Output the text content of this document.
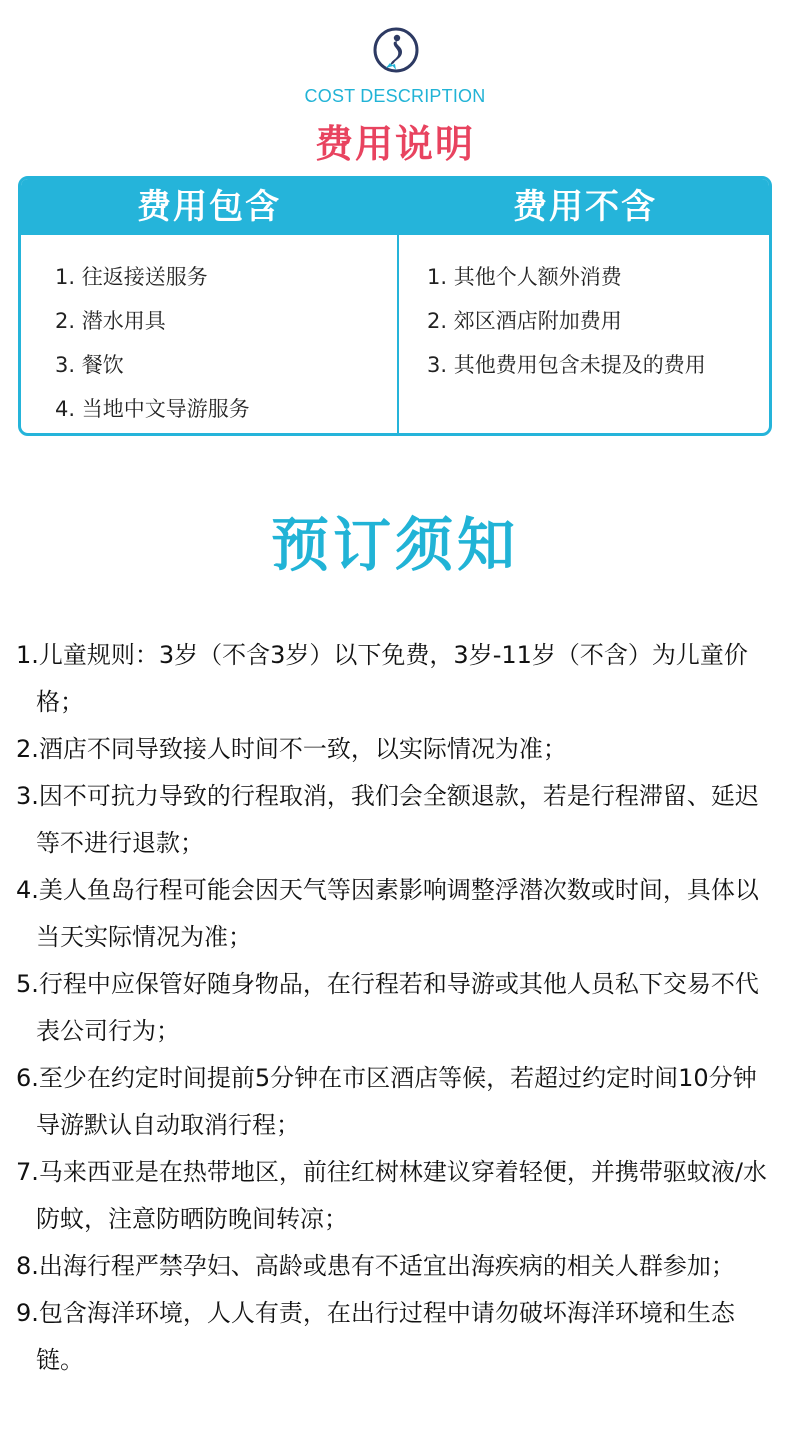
COST DESCRIPTION
费用说明
费用包含	费用不含
1. 往返接送服务
2. 潜水用具
3. 餐饮
4. 当地中文导游服务
1. 其他个人额外消费
2. 郊区酒店附加费用
3. 其他费用包含未提及的费用
预订须知
1.儿童规则：3岁（不含3岁）以下免费，3岁-11岁（不含）为儿童价格；
2.酒店不同导致接人时间不一致，以实际情况为准；
3.因不可抗力导致的行程取消，我们会全额退款，若是行程滞留、延迟等不进行退款；
4.美人鱼岛行程可能会因天气等因素影响调整浮潜次数或时间，具体以当天实际情况为准；
5.行程中应保管好随身物品，在行程若和导游或其他人员私下交易不代表公司行为；
6.至少在约定时间提前5分钟在市区酒店等候，若超过约定时间10分钟导游默认自动取消行程；
7.马来西亚是在热带地区，前往红树林建议穿着轻便，并携带驱蚊液/水防蚊，注意防晒防晚间转凉；
8.出海行程严禁孕妇、高龄或患有不适宜出海疾病的相关人群参加；
9.包含海洋环境，人人有责，在出行过程中请勿破坏海洋环境和生态链。
